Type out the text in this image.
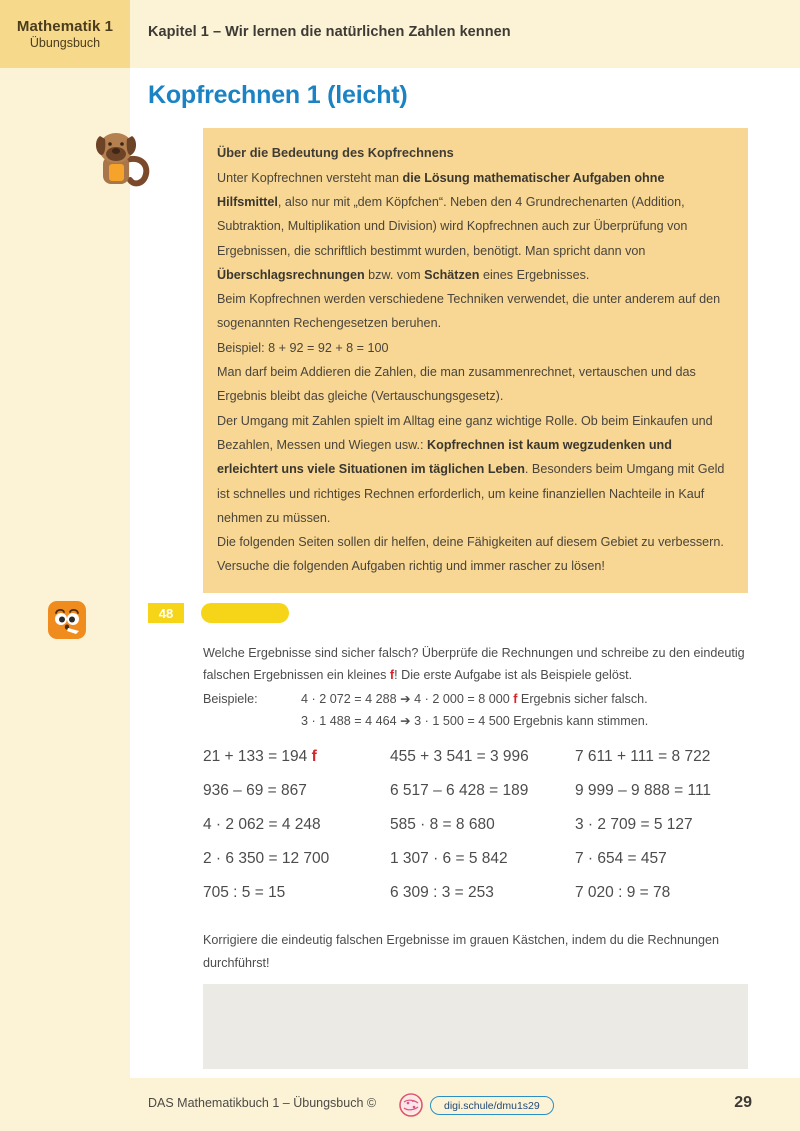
Mathematik 1
Übungsbuch
Kapitel 1 – Wir lernen die natürlichen Zahlen kennen
Kopfrechnen 1 (leicht)
Über die Bedeutung des Kopfrechnens

Unter Kopfrechnen versteht man die Lösung mathematischer Aufgaben ohne Hilfsmittel, also nur mit „dem Köpfchen“. Neben den 4 Grundrechenarten (Addition, Subtraktion, Multiplikation und Division) wird Kopfrechnen auch zur Überprüfung von Ergebnissen, die schriftlich bestimmt wurden, benötigt. Man spricht dann von Überschlagsrechnungen bzw. vom Schätzen eines Ergebnisses.

Beim Kopfrechnen werden verschiedene Techniken verwendet, die unter anderem auf den sogenannten Rechengesetzen beruhen.

Beispiel: 8 + 92 = 92 + 8 = 100

Man darf beim Addieren die Zahlen, die man zusammenrechnet, vertauschen und das Ergebnis bleibt das gleiche (Vertauschungsgesetz).

Der Umgang mit Zahlen spielt im Alltag eine ganz wichtige Rolle. Ob beim Einkaufen und Bezahlen, Messen und Wiegen usw.: Kopfrechnen ist kaum wegzudenken und erleichtert uns viele Situationen im täglichen Leben. Besonders beim Umgang mit Geld ist schnelles und richtiges Rechnen erforderlich, um keine finanziellen Nachteile in Kauf nehmen zu müssen.

Die folgenden Seiten sollen dir helfen, deine Fähigkeiten auf diesem Gebiet zu verbessern. Versuche die folgenden Aufgaben richtig und immer rascher zu lösen!

48
Welche Ergebnisse sind sicher falsch? Überprüfe die Rechnungen und schreibe zu den eindeutig falschen Ergebnissen ein kleines f! Die erste Aufgabe ist als Beispiele gelöst.
Beispiele:	4 · 2 072 = 4 288 ➔ 4 · 2 000 = 8 000 f Ergebnis sicher falsch.
3 · 1 488 = 4 464 ➔ 3 · 1 500 = 4 500 Ergebnis kann stimmen.
21 + 133 = 194 f	455 + 3 541 = 3 996	7 611 + 111 = 8 722
936 – 69 = 867	6 517 – 6 428 = 189	9 999 – 9 888 = 111
4 · 2 062 = 4 248	585 · 8 = 8 680	3 · 2 709 = 5 127
2 · 6 350 = 12 700	1 307 · 6 = 5 842	7 · 654 = 457
705 : 5 = 15	6 309 : 3 = 253	7 020 : 9 = 78
Korrigiere die eindeutig falschen Ergebnisse im grauen Kästchen, indem du die Rechnungen durchführst!
DAS Mathematikbuch 1 – Übungsbuch ©	digi.schule/dmu1s29	29
